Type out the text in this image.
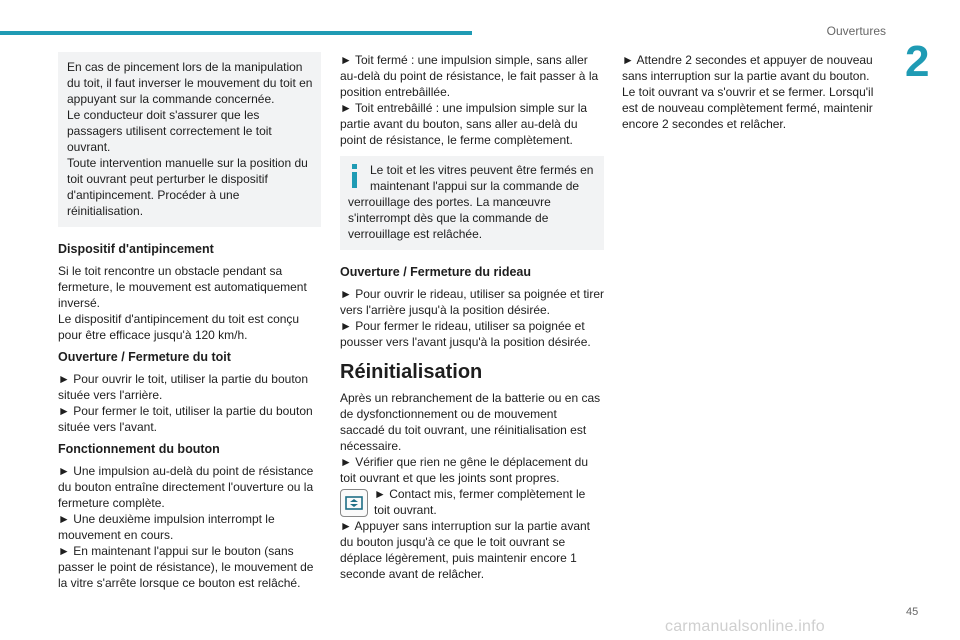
Ouvertures
2

En cas de pincement lors de la manipulation du toit, il faut inverser le mouvement du toit en appuyant sur la commande concernée.

Le conducteur doit s'assurer que les passagers utilisent correctement le toit ouvrant.

Toute intervention manuelle sur la position du toit ouvrant peut perturber le dispositif d'antipincement. Procéder à une réinitialisation.

Dispositif d'antipincement

Si le toit rencontre un obstacle pendant sa fermeture, le mouvement est automatiquement inversé.

Le dispositif d'antipincement du toit est conçu pour être efficace jusqu'à 120 km/h.

Ouverture / Fermeture du toit

► Pour ouvrir le toit, utiliser la partie du bouton située vers l'arrière.

► Pour fermer le toit, utiliser la partie du bouton située vers l'avant.

Fonctionnement du bouton

► Une impulsion au-delà du point de résistance du bouton entraîne directement l'ouverture ou la fermeture complète.

► Une deuxième impulsion interrompt le mouvement en cours.

► En maintenant l'appui sur le bouton (sans passer le point de résistance), le mouvement de la vitre s'arrête lorsque ce bouton est relâché.

► Toit fermé : une impulsion simple, sans aller au-delà du point de résistance, le fait passer à la position entrebâillée.

► Toit entrebâillé : une impulsion simple sur la partie avant du bouton, sans aller au-delà du point de résistance, le ferme complètement.

Le toit et les vitres peuvent être fermés en maintenant l'appui sur la commande de verrouillage des portes. La manœuvre s'interrompt dès que la commande de verrouillage est relâchée.

Ouverture / Fermeture du rideau

► Pour ouvrir le rideau, utiliser sa poignée et tirer vers l'arrière jusqu'à la position désirée.

► Pour fermer le rideau, utiliser sa poignée et pousser vers l'avant jusqu'à la position désirée.

Réinitialisation

Après un rebranchement de la batterie ou en cas de dysfonctionnement ou de mouvement saccadé du toit ouvrant, une réinitialisation est nécessaire.

► Vérifier que rien ne gêne le déplacement du toit ouvrant et que les joints sont propres.

► Contact mis, fermer complètement le toit ouvrant.

► Appuyer sans interruption sur la partie avant du bouton jusqu'à ce que le toit ouvrant se déplace légèrement, puis maintenir encore 1 seconde avant de relâcher.

► Attendre 2 secondes et appuyer de nouveau sans interruption sur la partie avant du bouton.

Le toit ouvrant va s'ouvrir et se fermer. Lorsqu'il est de nouveau complètement fermé, maintenir encore 2 secondes et relâcher.

45
carmanualsonline.info
